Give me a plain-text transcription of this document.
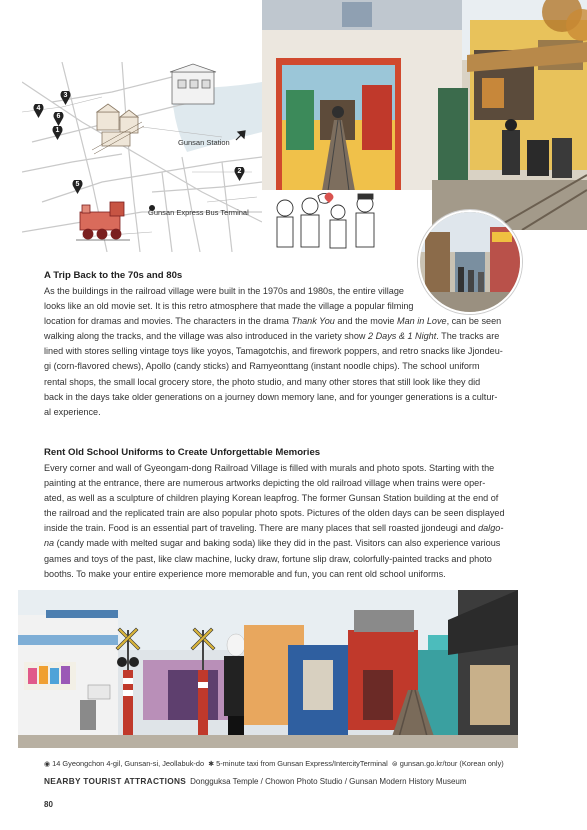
Gunsan Station
Gunsan Express Bus Terminal
3
4
6
1
2
5
A Trip Back to the 70s and 80s
As the buildings in the railroad village were built in the 1970s and 1980s, the entire village
looks like an old movie set. It is this retro atmosphere that made the village a popular filming
location for dramas and movies. The characters in the drama Thank You and the movie Man in Love, can be seen
walking along the tracks, and the village was also introduced in the variety show 2 Days & 1 Night. The tracks are
lined with stores selling vintage toys like yoyos, Tamagotchis, and firework poppers, and retro snacks like Jjondeu-
gi (corn-flavored chews), Apollo (candy sticks) and Ramyeonttang (instant noodle chips). The school uniform
rental shops, the small local grocery store, the photo studio, and many other stores that still look like they did
back in the days take older generations on a journey down memory lane, and for younger generations is a cultur-
al experience.
Rent Old School Uniforms to Create Unforgettable Memories
Every corner and wall of Gyeongam-dong Railroad Village is filled with murals and photo spots. Starting with the
painting at the entrance, there are numerous artworks depicting the old railroad village when trains were oper-
ated, as well as a sculpture of children playing Korean leapfrog. The former Gunsan Station building at the end of
the railroad and the replicated train are also popular photo spots. Pictures of the olden days can be seen displayed
inside the train. Food is an essential part of traveling. There are many places that sell roasted jjondeugi and dalgo-
na (candy made with melted sugar and baking soda) like they did in the past. Visitors can also experience various
games and toys of the past, like claw machine, lucky draw, fortune slip draw, colorfully-painted tracks and photo
booths. To make your entire experience more memorable and fun, you can rent old school uniforms.
◉ 14 Gyeongchon 4-gil, Gunsan-si, Jeollabuk-do ✱ 5-minute taxi from Gunsan Express/IntercityTerminal ⊜ gunsan.go.kr/tour (Korean only)
NEARBY TOURIST ATTRACTIONS Dongguksa Temple / Chowon Photo Studio / Gunsan Modern History Museum
80
